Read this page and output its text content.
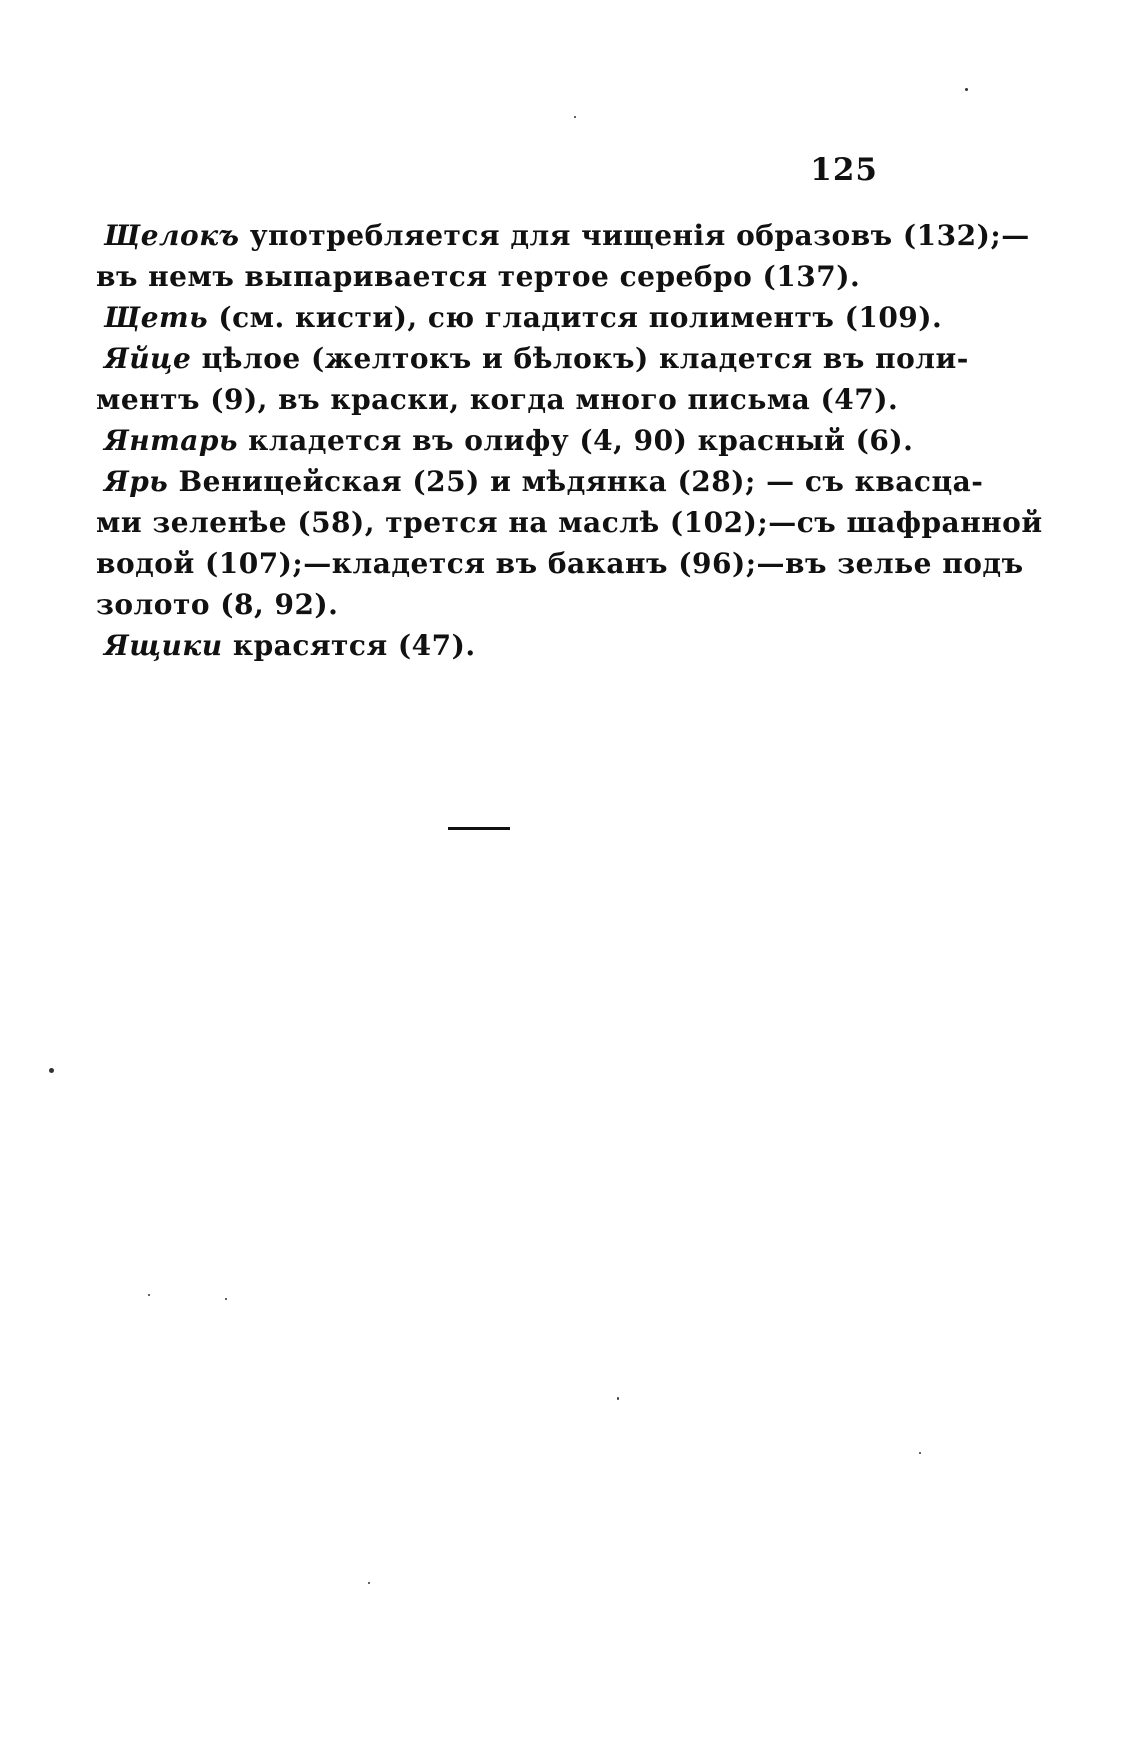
125

Щелокъ употребляется для чищенія образовъ (132);—
въ немъ выпаривается тертое серебро (137).

Щеть (см. кисти), сю гладится полиментъ (109).

Яйце цѣлое (желтокъ и бѣлокъ) кладется въ поли-
ментъ (9), въ краски, когда много письма (47).

Янтарь кладется въ олифу (4, 90) красный (6).

Ярь Веницейская (25) и мѣдянка (28); — съ квасца-
ми зеленѣе (58), трется на маслѣ (102);—съ шафранной
водой (107);—кладется въ баканъ (96);—въ зелье подъ
золото (8, 92).

Ящики красятся (47).
